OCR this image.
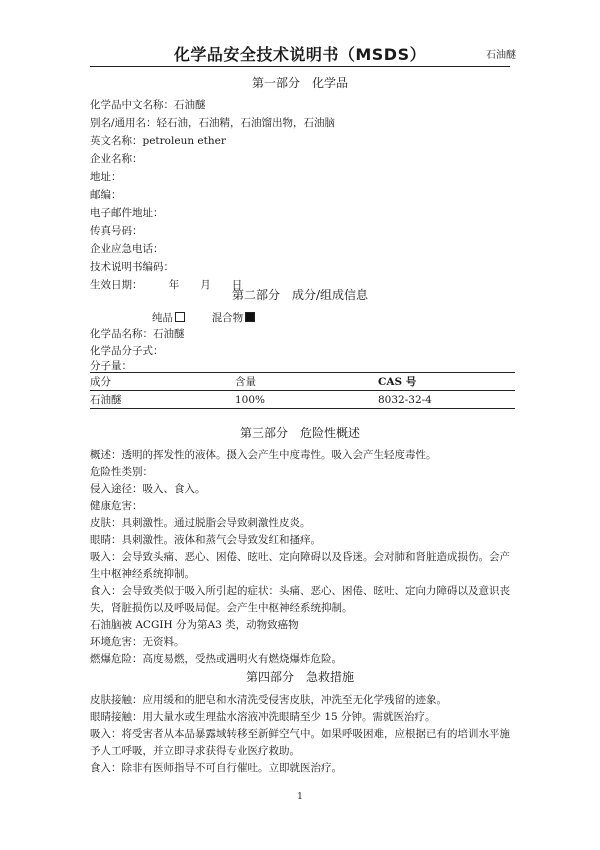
化学品安全技术说明书（MSDS）	石油醚
第一部分　化学品
化学品中文名称：石油醚
别名/通用名：轻石油，石油精，石油馏出物，石油脑
英文名称：petroleun ether
企业名称：
地址：
邮编：
电子邮件地址：
传真号码：
企业应急电话：
技术说明书编码：
生效日期：　　　年　　月　　日
第二部分　成分/组成信息
纯品	混合物
化学品名称：石油醚
化学品分子式：
分子量：
成分	含量	CAS 号
石油醚	100%	8032-32-4
第三部分　危险性概述
概述：透明的挥发性的液体。摄入会产生中度毒性。吸入会产生轻度毒性。
危险性类别：
侵入途径：吸入、食入。
健康危害：
皮肤：具刺激性。通过脱脂会导致刺激性皮炎。
眼睛：具刺激性。液体和蒸气会导致发红和搔痒。
吸入：会导致头痛、恶心、困倦、昡吐、定向障碍以及昏迷。会对肺和肾脏造成损伤。会产生中枢神经系统抑制。
食入：会导致类似于吸入所引起的症状：头痛、恶心、困倦、昡吐、定向力障碍以及意识丧失，肾脏损伤以及呼吸局促。会产生中枢神经系统抑制。
石油脑被 ACGIH 分为第A3 类，动物致癌物
环境危害：无资料。
燃爆危险：高度易燃，受热或遇明火有燃烧爆炸危险。
第四部分　急救措施
皮肤接触：应用缓和的肥皂和水清洗受侵害皮肤，冲洗至无化学残留的迹象。
眼睛接触：用大量水或生理盐水溶液冲洗眼睛至少 15 分钟。需就医治疗。
吸入：将受害者从本品暴露域转移至新鲜空气中。如果呼吸困难，应根据已有的培训水平施予人工呼吸，并立即寻求获得专业医疗救助。
食入：除非有医师指导不可自行催吐。立即就医治疗。
1
